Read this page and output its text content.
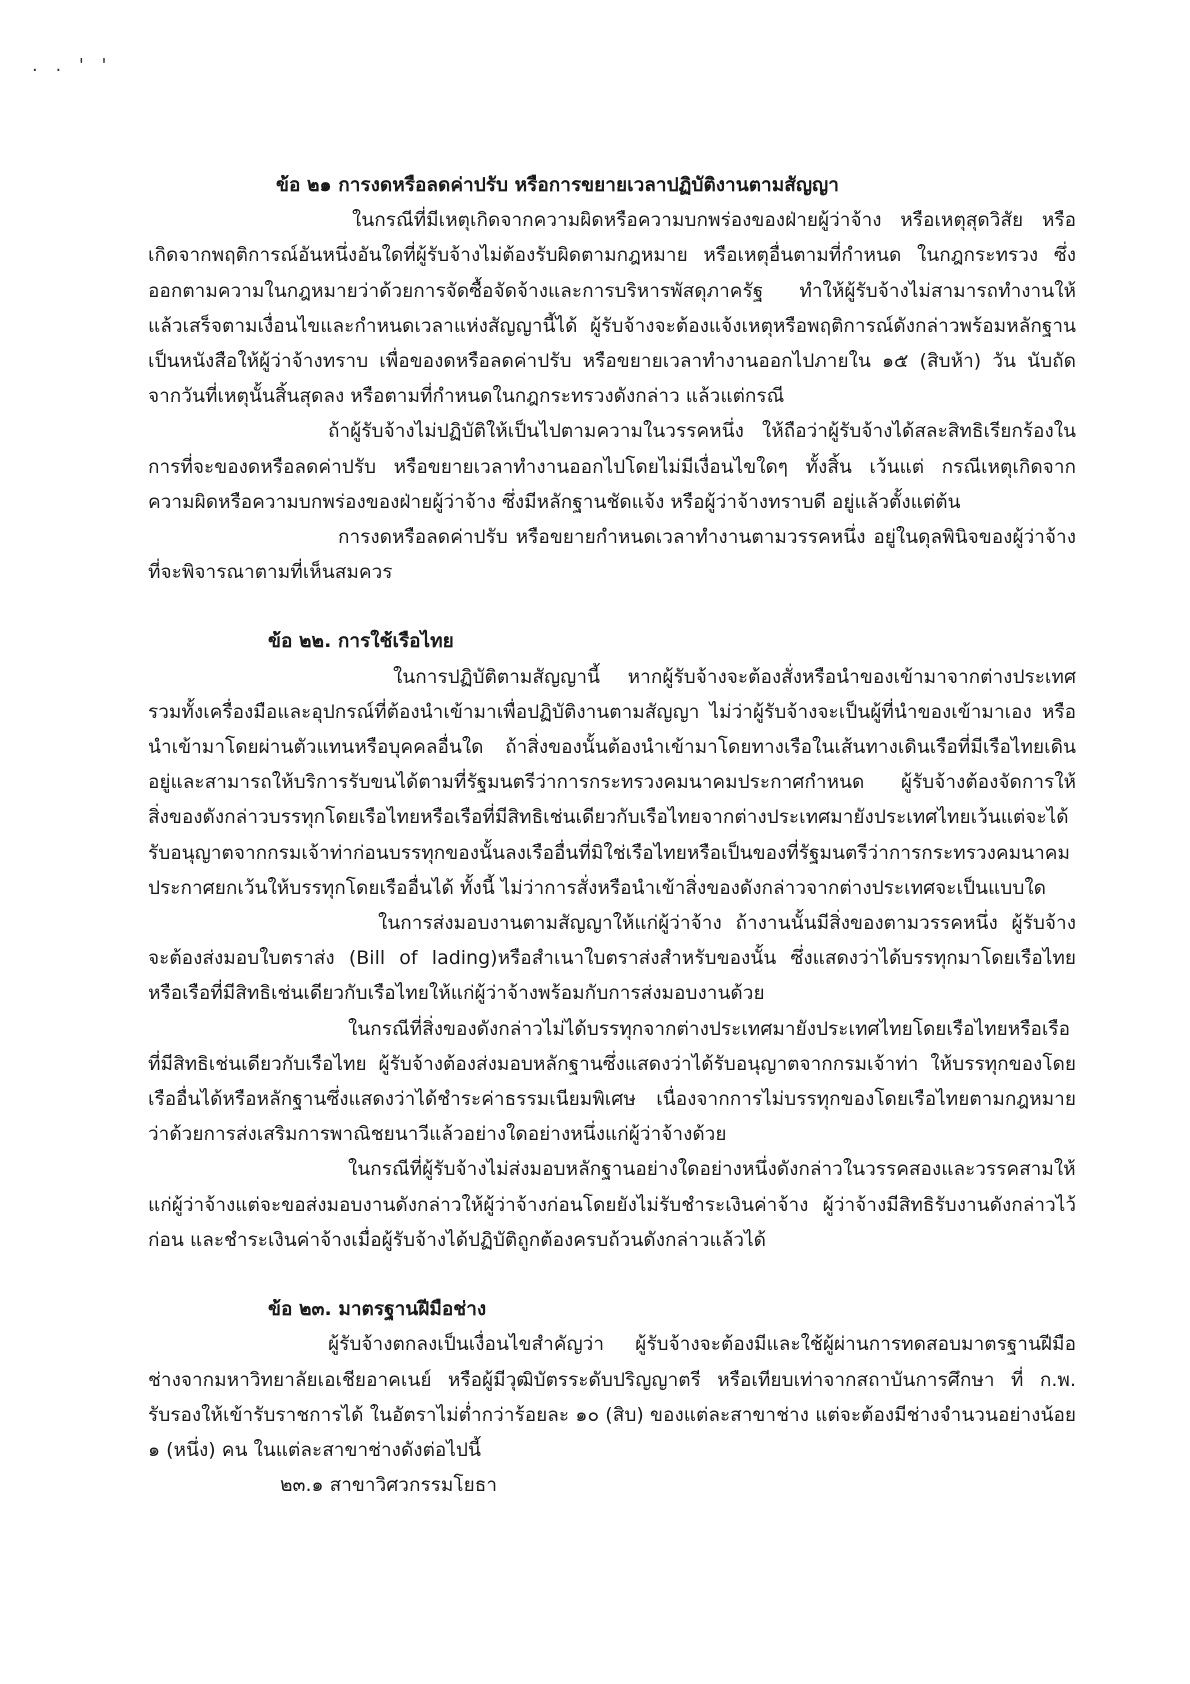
. . ' '

ข้อ ๒๑ การงดหรือลดค่าปรับ หรือการขยายเวลาปฏิบัติงานตามสัญญา

ในกรณีที่มีเหตุเกิดจากความผิดหรือความบกพร่องของฝ่ายผู้ว่าจ้าง หรือเหตุสุดวิสัย หรือเกิดจากพฤติการณ์อันหนึ่งอันใดที่ผู้รับจ้างไม่ต้องรับผิดตามกฎหมาย หรือเหตุอื่นตามที่กำหนด ในกฎกระทรวง ซึ่งออกตามความในกฎหมายว่าด้วยการจัดซื้อจัดจ้างและการบริหารพัสดุภาครัฐ ทำให้ผู้รับจ้างไม่สามารถทำงานให้แล้วเสร็จตามเงื่อนไขและกำหนดเวลาแห่งสัญญานี้ได้ ผู้รับจ้างจะต้องแจ้งเหตุหรือพฤติการณ์ดังกล่าวพร้อมหลักฐานเป็นหนังสือให้ผู้ว่าจ้างทราบ เพื่อของดหรือลดค่าปรับ หรือขยายเวลาทำงานออกไปภายใน ๑๕ (สิบห้า) วัน นับถัดจากวันที่เหตุนั้นสิ้นสุดลง หรือตามที่กำหนดในกฎกระทรวงดังกล่าว แล้วแต่กรณี

ถ้าผู้รับจ้างไม่ปฏิบัติให้เป็นไปตามความในวรรคหนึ่ง ให้ถือว่าผู้รับจ้างได้สละสิทธิเรียกร้องในการที่จะของดหรือลดค่าปรับ หรือขยายเวลาทำงานออกไปโดยไม่มีเงื่อนไขใดๆ ทั้งสิ้น เว้นแต่ กรณีเหตุเกิดจากความผิดหรือความบกพร่องของฝ่ายผู้ว่าจ้าง ซึ่งมีหลักฐานชัดแจ้ง หรือผู้ว่าจ้างทราบดี อยู่แล้วตั้งแต่ต้น

การงดหรือลดค่าปรับ หรือขยายกำหนดเวลาทำงานตามวรรคหนึ่ง อยู่ในดุลพินิจของผู้ว่าจ้างที่จะพิจารณาตามที่เห็นสมควร

ข้อ ๒๒. การใช้เรือไทย

ในการปฏิบัติตามสัญญานี้ หากผู้รับจ้างจะต้องสั่งหรือนำของเข้ามาจากต่างประเทศ รวมทั้งเครื่องมือและอุปกรณ์ที่ต้องนำเข้ามาเพื่อปฏิบัติงานตามสัญญา ไม่ว่าผู้รับจ้างจะเป็นผู้ที่นำของเข้ามาเอง หรือนำเข้ามาโดยผ่านตัวแทนหรือบุคคลอื่นใด ถ้าสิ่งของนั้นต้องนำเข้ามาโดยทางเรือในเส้นทางเดินเรือที่มีเรือไทยเดินอยู่และสามารถให้บริการรับขนได้ตามที่รัฐมนตรีว่าการกระทรวงคมนาคมประกาศกำหนด ผู้รับจ้างต้องจัดการให้สิ่งของดังกล่าวบรรทุกโดยเรือไทยหรือเรือที่มีสิทธิเช่นเดียวกับเรือไทยจากต่างประเทศมายังประเทศไทยเว้นแต่จะได้รับอนุญาตจากกรมเจ้าท่าก่อนบรรทุกของนั้นลงเรืออื่นที่มิใช่เรือไทยหรือเป็นของที่รัฐมนตรีว่าการกระทรวงคมนาคมประกาศยกเว้นให้บรรทุกโดยเรืออื่นได้ ทั้งนี้ ไม่ว่าการสั่งหรือนำเข้าสิ่งของดังกล่าวจากต่างประเทศจะเป็นแบบใด

ในการส่งมอบงานตามสัญญาให้แก่ผู้ว่าจ้าง ถ้างานนั้นมีสิ่งของตามวรรคหนึ่ง ผู้รับจ้างจะต้องส่งมอบใบตราส่ง (Bill of lading)หรือสำเนาใบตราส่งสำหรับของนั้น ซึ่งแสดงว่าได้บรรทุกมาโดยเรือไทยหรือเรือที่มีสิทธิเช่นเดียวกับเรือไทยให้แก่ผู้ว่าจ้างพร้อมกับการส่งมอบงานด้วย

ในกรณีที่สิ่งของดังกล่าวไม่ได้บรรทุกจากต่างประเทศมายังประเทศไทยโดยเรือไทยหรือเรือที่มีสิทธิเช่นเดียวกับเรือไทย ผู้รับจ้างต้องส่งมอบหลักฐานซึ่งแสดงว่าได้รับอนุญาตจากกรมเจ้าท่า ให้บรรทุกของโดยเรืออื่นได้หรือหลักฐานซึ่งแสดงว่าได้ชำระค่าธรรมเนียมพิเศษ เนื่องจากการไม่บรรทุกของโดยเรือไทยตามกฎหมาย ว่าด้วยการส่งเสริมการพาณิชยนาวีแล้วอย่างใดอย่างหนึ่งแก่ผู้ว่าจ้างด้วย

ในกรณีที่ผู้รับจ้างไม่ส่งมอบหลักฐานอย่างใดอย่างหนึ่งดังกล่าวในวรรคสองและวรรคสามให้แก่ผู้ว่าจ้างแต่จะขอส่งมอบงานดังกล่าวให้ผู้ว่าจ้างก่อนโดยยังไม่รับชำระเงินค่าจ้าง ผู้ว่าจ้างมีสิทธิรับงานดังกล่าวไว้ก่อน และชำระเงินค่าจ้างเมื่อผู้รับจ้างได้ปฏิบัติถูกต้องครบถ้วนดังกล่าวแล้วได้

ข้อ ๒๓. มาตรฐานฝีมือช่าง

ผู้รับจ้างตกลงเป็นเงื่อนไขสำคัญว่า ผู้รับจ้างจะต้องมีและใช้ผู้ผ่านการทดสอบมาตรฐานฝีมือช่างจากมหาวิทยาลัยเอเชียอาคเนย์ หรือผู้มีวุฒิบัตรระดับปริญญาตรี หรือเทียบเท่าจากสถาบันการศึกษา ที่ ก.พ. รับรองให้เข้ารับราชการได้ ในอัตราไม่ต่ำกว่าร้อยละ ๑๐ (สิบ) ของแต่ละสาขาช่าง แต่จะต้องมีช่างจำนวนอย่างน้อย ๑ (หนึ่ง) คน ในแต่ละสาขาช่างดังต่อไปนี้

๒๓.๑ สาขาวิศวกรรมโยธา
